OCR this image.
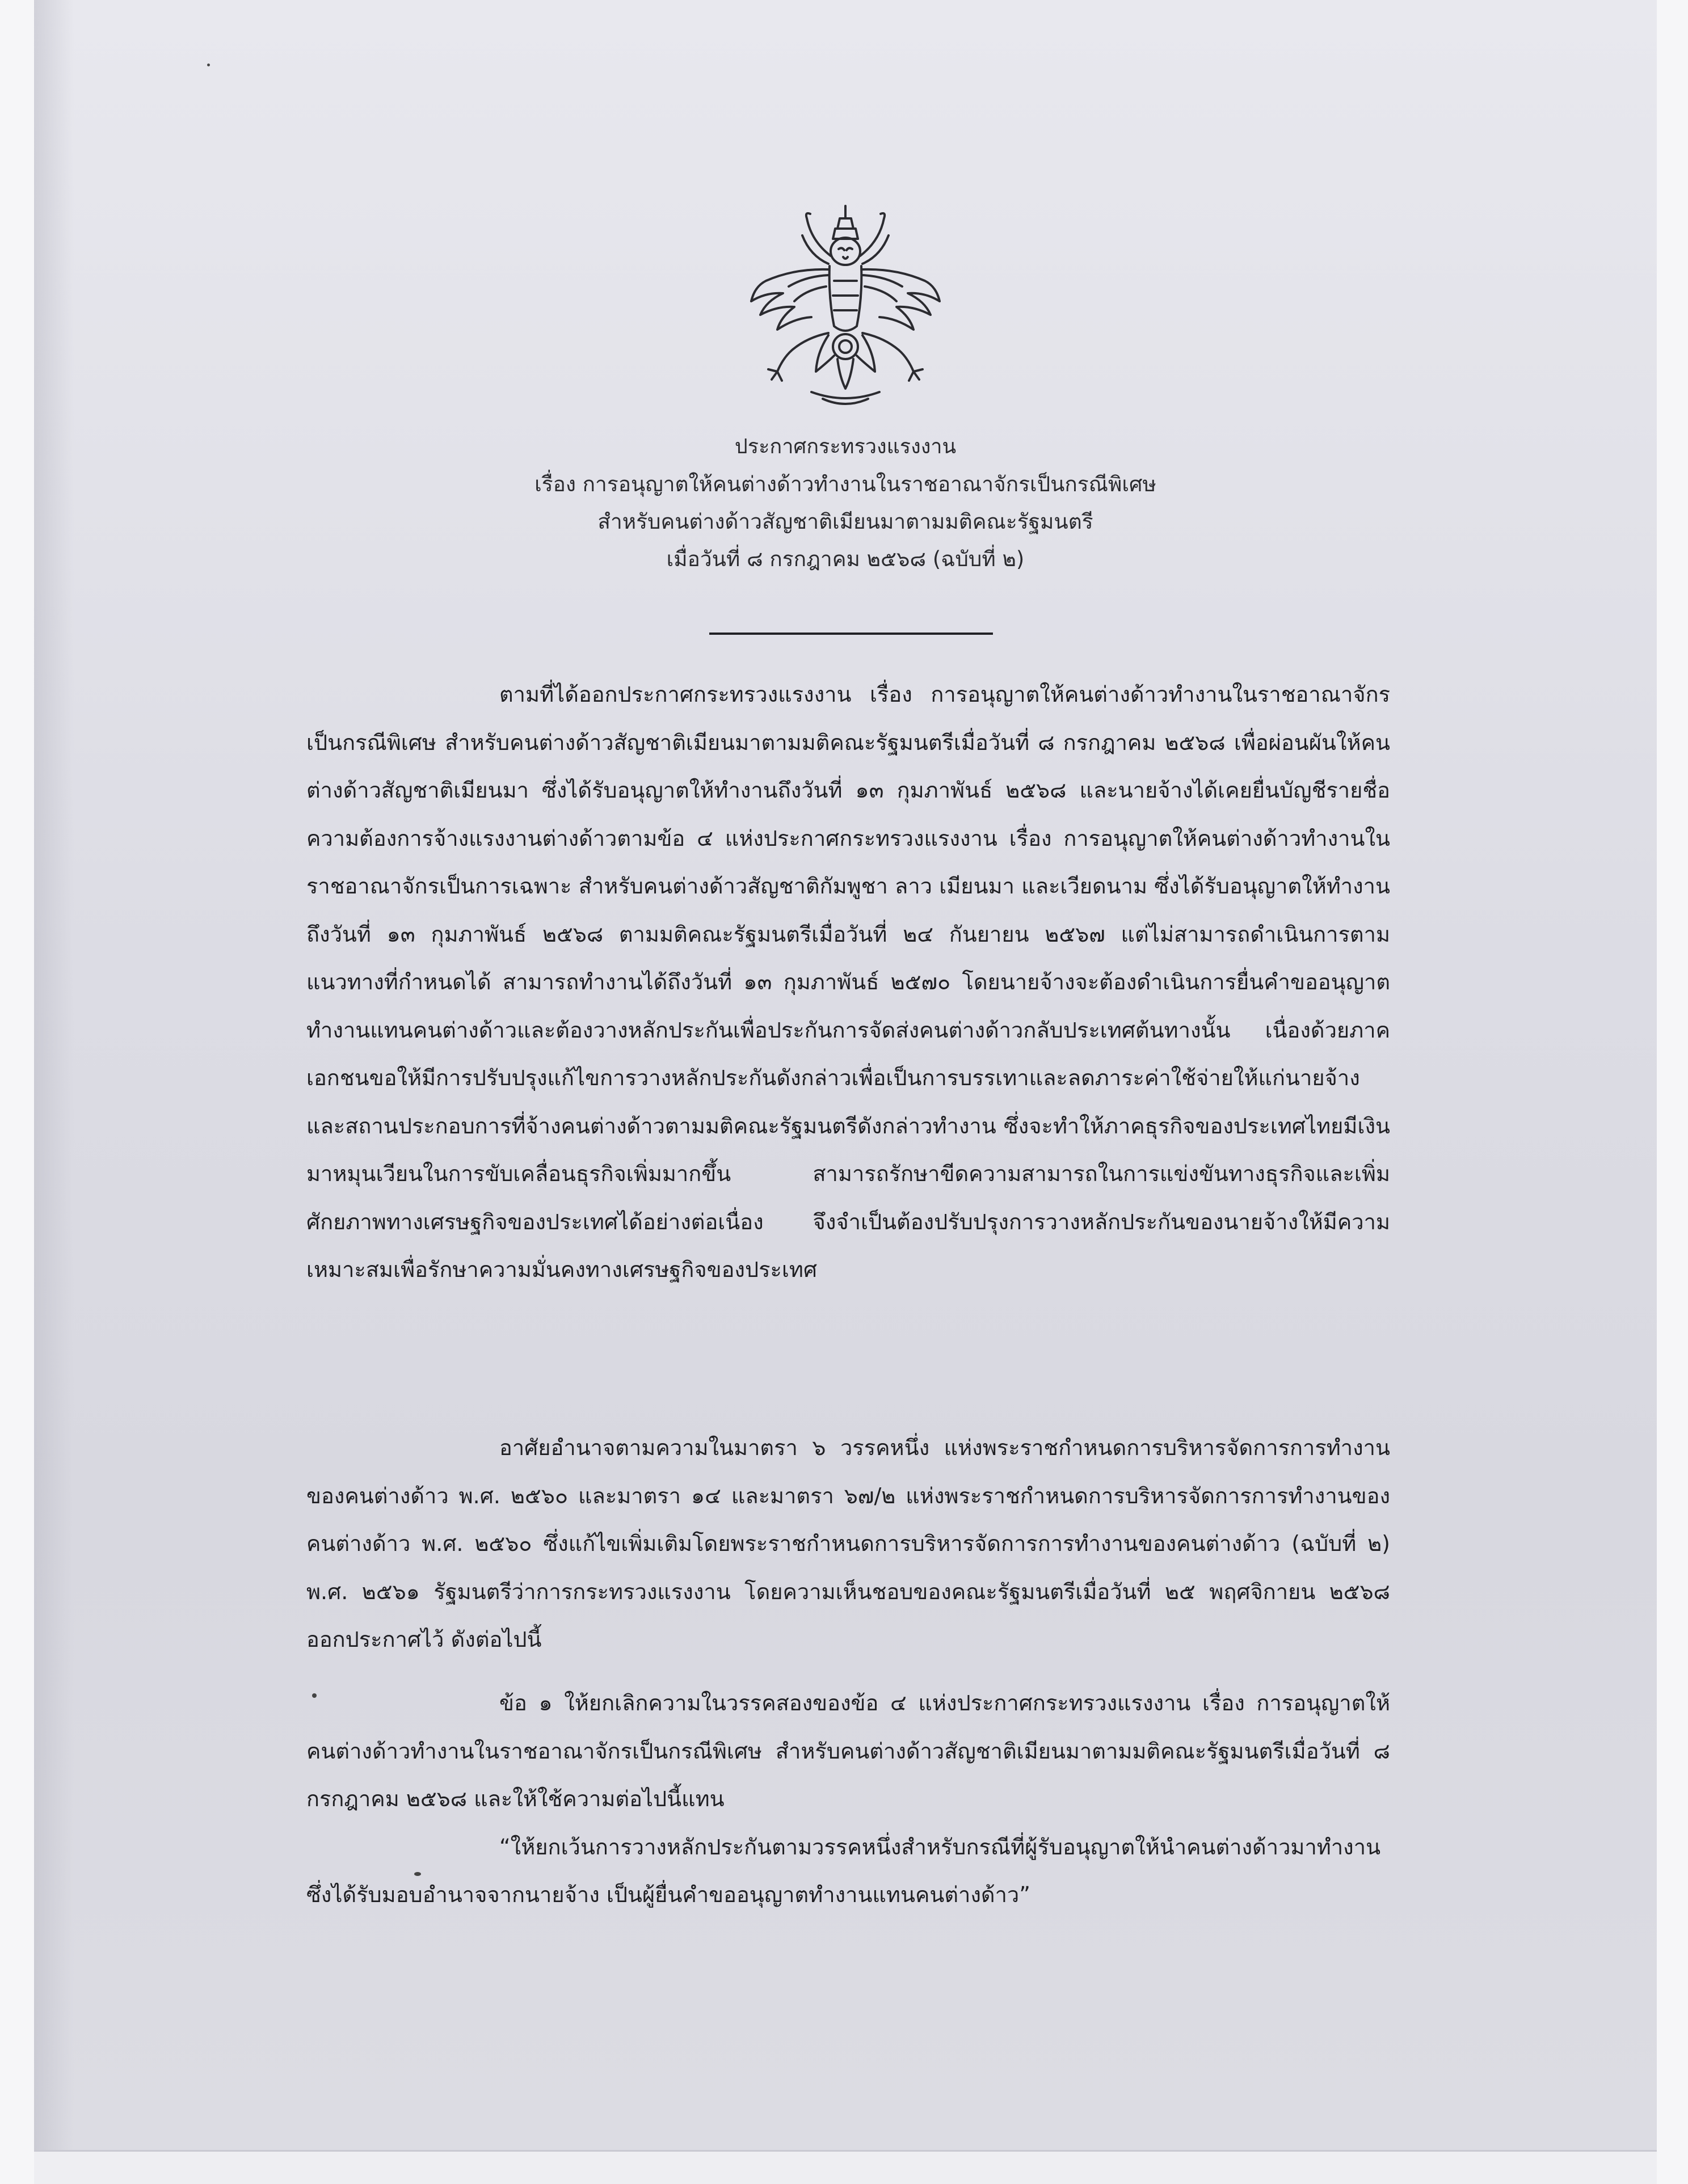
ประกาศกระทรวงแรงงาน
เรื่อง การอนุญาตให้คนต่างด้าวทำงานในราชอาณาจักรเป็นกรณีพิเศษ
สำหรับคนต่างด้าวสัญชาติเมียนมาตามมติคณะรัฐมนตรี
เมื่อวันที่ ๘ กรกฎาคม ๒๕๖๘ (ฉบับที่ ๒)

ตามที่ได้ออกประกาศกระทรวงแรงงาน เรื่อง การอนุญาตให้คนต่างด้าวทำงานในราชอาณาจักรเป็นกรณีพิเศษ สำหรับคนต่างด้าวสัญชาติเมียนมาตามมติคณะรัฐมนตรีเมื่อวันที่ ๘ กรกฎาคม ๒๕๖๘ เพื่อผ่อนผันให้คนต่างด้าวสัญชาติเมียนมา ซึ่งได้รับอนุญาตให้ทำงานถึงวันที่ ๑๓ กุมภาพันธ์ ๒๕๖๘ และนายจ้างได้เคยยื่นบัญชีรายชื่อความต้องการจ้างแรงงานต่างด้าวตามข้อ ๔ แห่งประกาศกระทรวงแรงงาน เรื่อง การอนุญาตให้คนต่างด้าวทำงานในราชอาณาจักรเป็นการเฉพาะ สำหรับคนต่างด้าวสัญชาติกัมพูชา ลาว เมียนมา และเวียดนาม ซึ่งได้รับอนุญาตให้ทำงานถึงวันที่ ๑๓ กุมภาพันธ์ ๒๕๖๘ ตามมติคณะรัฐมนตรีเมื่อวันที่ ๒๔ กันยายน ๒๕๖๗ แต่ไม่สามารถดำเนินการตามแนวทางที่กำหนดได้ สามารถทำงานได้ถึงวันที่ ๑๓ กุมภาพันธ์ ๒๕๗๐ โดยนายจ้างจะต้องดำเนินการยื่นคำขออนุญาตทำงานแทนคนต่างด้าวและต้องวางหลักประกันเพื่อประกันการจัดส่งคนต่างด้าวกลับประเทศต้นทางนั้น เนื่องด้วยภาคเอกชนขอให้มีการปรับปรุงแก้ไขการวางหลักประกันดังกล่าวเพื่อเป็นการบรรเทาและลดภาระค่าใช้จ่ายให้แก่นายจ้างและสถานประกอบการที่จ้างคนต่างด้าวตามมติคณะรัฐมนตรีดังกล่าวทำงาน ซึ่งจะทำให้ภาคธุรกิจของประเทศไทยมีเงินมาหมุนเวียนในการขับเคลื่อนธุรกิจเพิ่มมากขึ้น สามารถรักษาขีดความสามารถในการแข่งขันทางธุรกิจและเพิ่มศักยภาพทางเศรษฐกิจของประเทศได้อย่างต่อเนื่อง จึงจำเป็นต้องปรับปรุงการวางหลักประกันของนายจ้างให้มีความเหมาะสมเพื่อรักษาความมั่นคงทางเศรษฐกิจของประเทศ

อาศัยอำนาจตามความในมาตรา ๖ วรรคหนึ่ง แห่งพระราชกำหนดการบริหารจัดการการทำงานของคนต่างด้าว พ.ศ. ๒๕๖๐ และมาตรา ๑๔ และมาตรา ๖๗/๒ แห่งพระราชกำหนดการบริหารจัดการการทำงานของคนต่างด้าว พ.ศ. ๒๕๖๐ ซึ่งแก้ไขเพิ่มเติมโดยพระราชกำหนดการบริหารจัดการการทำงานของคนต่างด้าว (ฉบับที่ ๒) พ.ศ. ๒๕๖๑ รัฐมนตรีว่าการกระทรวงแรงงาน โดยความเห็นชอบของคณะรัฐมนตรีเมื่อวันที่ ๒๕ พฤศจิกายน ๒๕๖๘ ออกประกาศไว้ ดังต่อไปนี้

ข้อ ๑ ให้ยกเลิกความในวรรคสองของข้อ ๔ แห่งประกาศกระทรวงแรงงาน เรื่อง การอนุญาตให้คนต่างด้าวทำงานในราชอาณาจักรเป็นกรณีพิเศษ สำหรับคนต่างด้าวสัญชาติเมียนมาตามมติคณะรัฐมนตรีเมื่อวันที่ ๘ กรกฎาคม ๒๕๖๘ และให้ใช้ความต่อไปนี้แทน

“ให้ยกเว้นการวางหลักประกันตามวรรคหนึ่งสำหรับกรณีที่ผู้รับอนุญาตให้นำคนต่างด้าวมาทำงานซึ่งได้รับมอบอำนาจจากนายจ้าง เป็นผู้ยื่นคำขออนุญาตทำงานแทนคนต่างด้าว”
